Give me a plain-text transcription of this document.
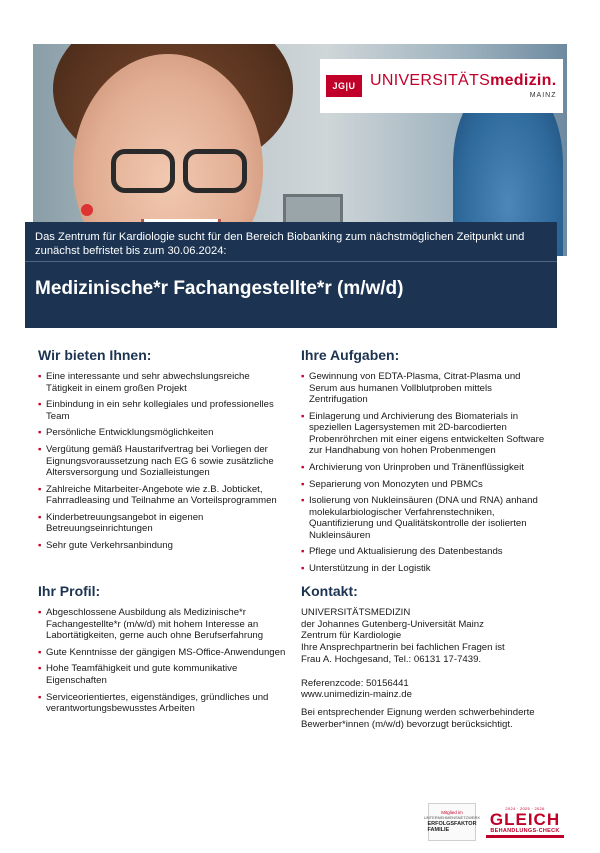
JG|U UNIVERSITÄTSmedizin.
MAINZ
Das Zentrum für Kardiologie sucht für den Bereich Biobanking zum nächstmöglichen Zeitpunkt und zunächst befristet bis zum 30.06.2024:
Medizinische*r Fachangestellte*r (m/w/d)
Wir bieten Ihnen:
▪ Eine interessante und sehr abwechslungsreiche Tätigkeit in einem großen Projekt
▪ Einbindung in ein sehr kollegiales und professionelles Team
▪ Persönliche Entwicklungsmöglichkeiten
▪ Vergütung gemäß Haustarifvertrag bei Vorliegen der Eignungsvoraussetzung nach EG 6 sowie zusätzliche Altersversorgung und Sozialleistungen
▪ Zahlreiche Mitarbeiter-Angebote wie z.B. Jobticket, Fahrradleasing und Teilnahme an Vorteilsprogrammen
▪ Kinderbetreuungsangebot in eigenen Betreuungseinrichtungen
▪ Sehr gute Verkehrsanbindung
Ihre Aufgaben:
▪ Gewinnung von EDTA-Plasma, Citrat-Plasma und Serum aus humanen Vollblutproben mittels Zentrifugation
▪ Einlagerung und Archivierung des Biomaterials in speziellen Lagersystemen mit 2D-barcodierten Probenröhrchen mit einer eigens entwickelten Software zur Handhabung von hohen Probenmengen
▪ Archivierung von Urinproben und Tränenflüssigkeit
▪ Separierung von Monozyten und PBMCs
▪ Isolierung von Nukleinsäuren (DNA und RNA) anhand molekularbiologischer Verfahrenstechniken, Quantifizierung und Qualitätskontrolle der isolierten Nukleinsäuren
▪ Pflege und Aktualisierung des Datenbestands
▪ Unterstützung in der Logistik
Ihr Profil:
▪ Abgeschlossene Ausbildung als Medizinische*r Fachangestellte*r (m/w/d) mit hohem Interesse an Labortätigkeiten, gerne auch ohne Berufserfahrung
▪ Gute Kenntnisse der gängigen MS-Office-Anwendungen
▪ Hohe Teamfähigkeit und gute kommunikative Eigenschaften
▪ Serviceorientiertes, eigenständiges, gründliches und verantwortungsbewusstes Arbeiten
Kontakt:

UNIVERSITÄTSMEDIZIN

der Johannes Gutenberg-Universität Mainz

Zentrum für Kardiologie

Ihre Ansprechpartnerin bei fachlichen Fragen ist

Frau A. Hochgesand, Tel.: 06131 17-7439.

Referenzcode: 50156441

www.unimedizin-mainz.de

Bei entsprechender Eignung werden schwerbehinderte Bewerber*innen (m/w/d) bevorzugt berücksichtigt.

Mitglied im
UNTERNEHMENSNETZWERK
ERFOLGSFAKTOR FAMILIE
2024 · 2025 · 2026
GLEICH
BEHANDLUNGS-CHECK
